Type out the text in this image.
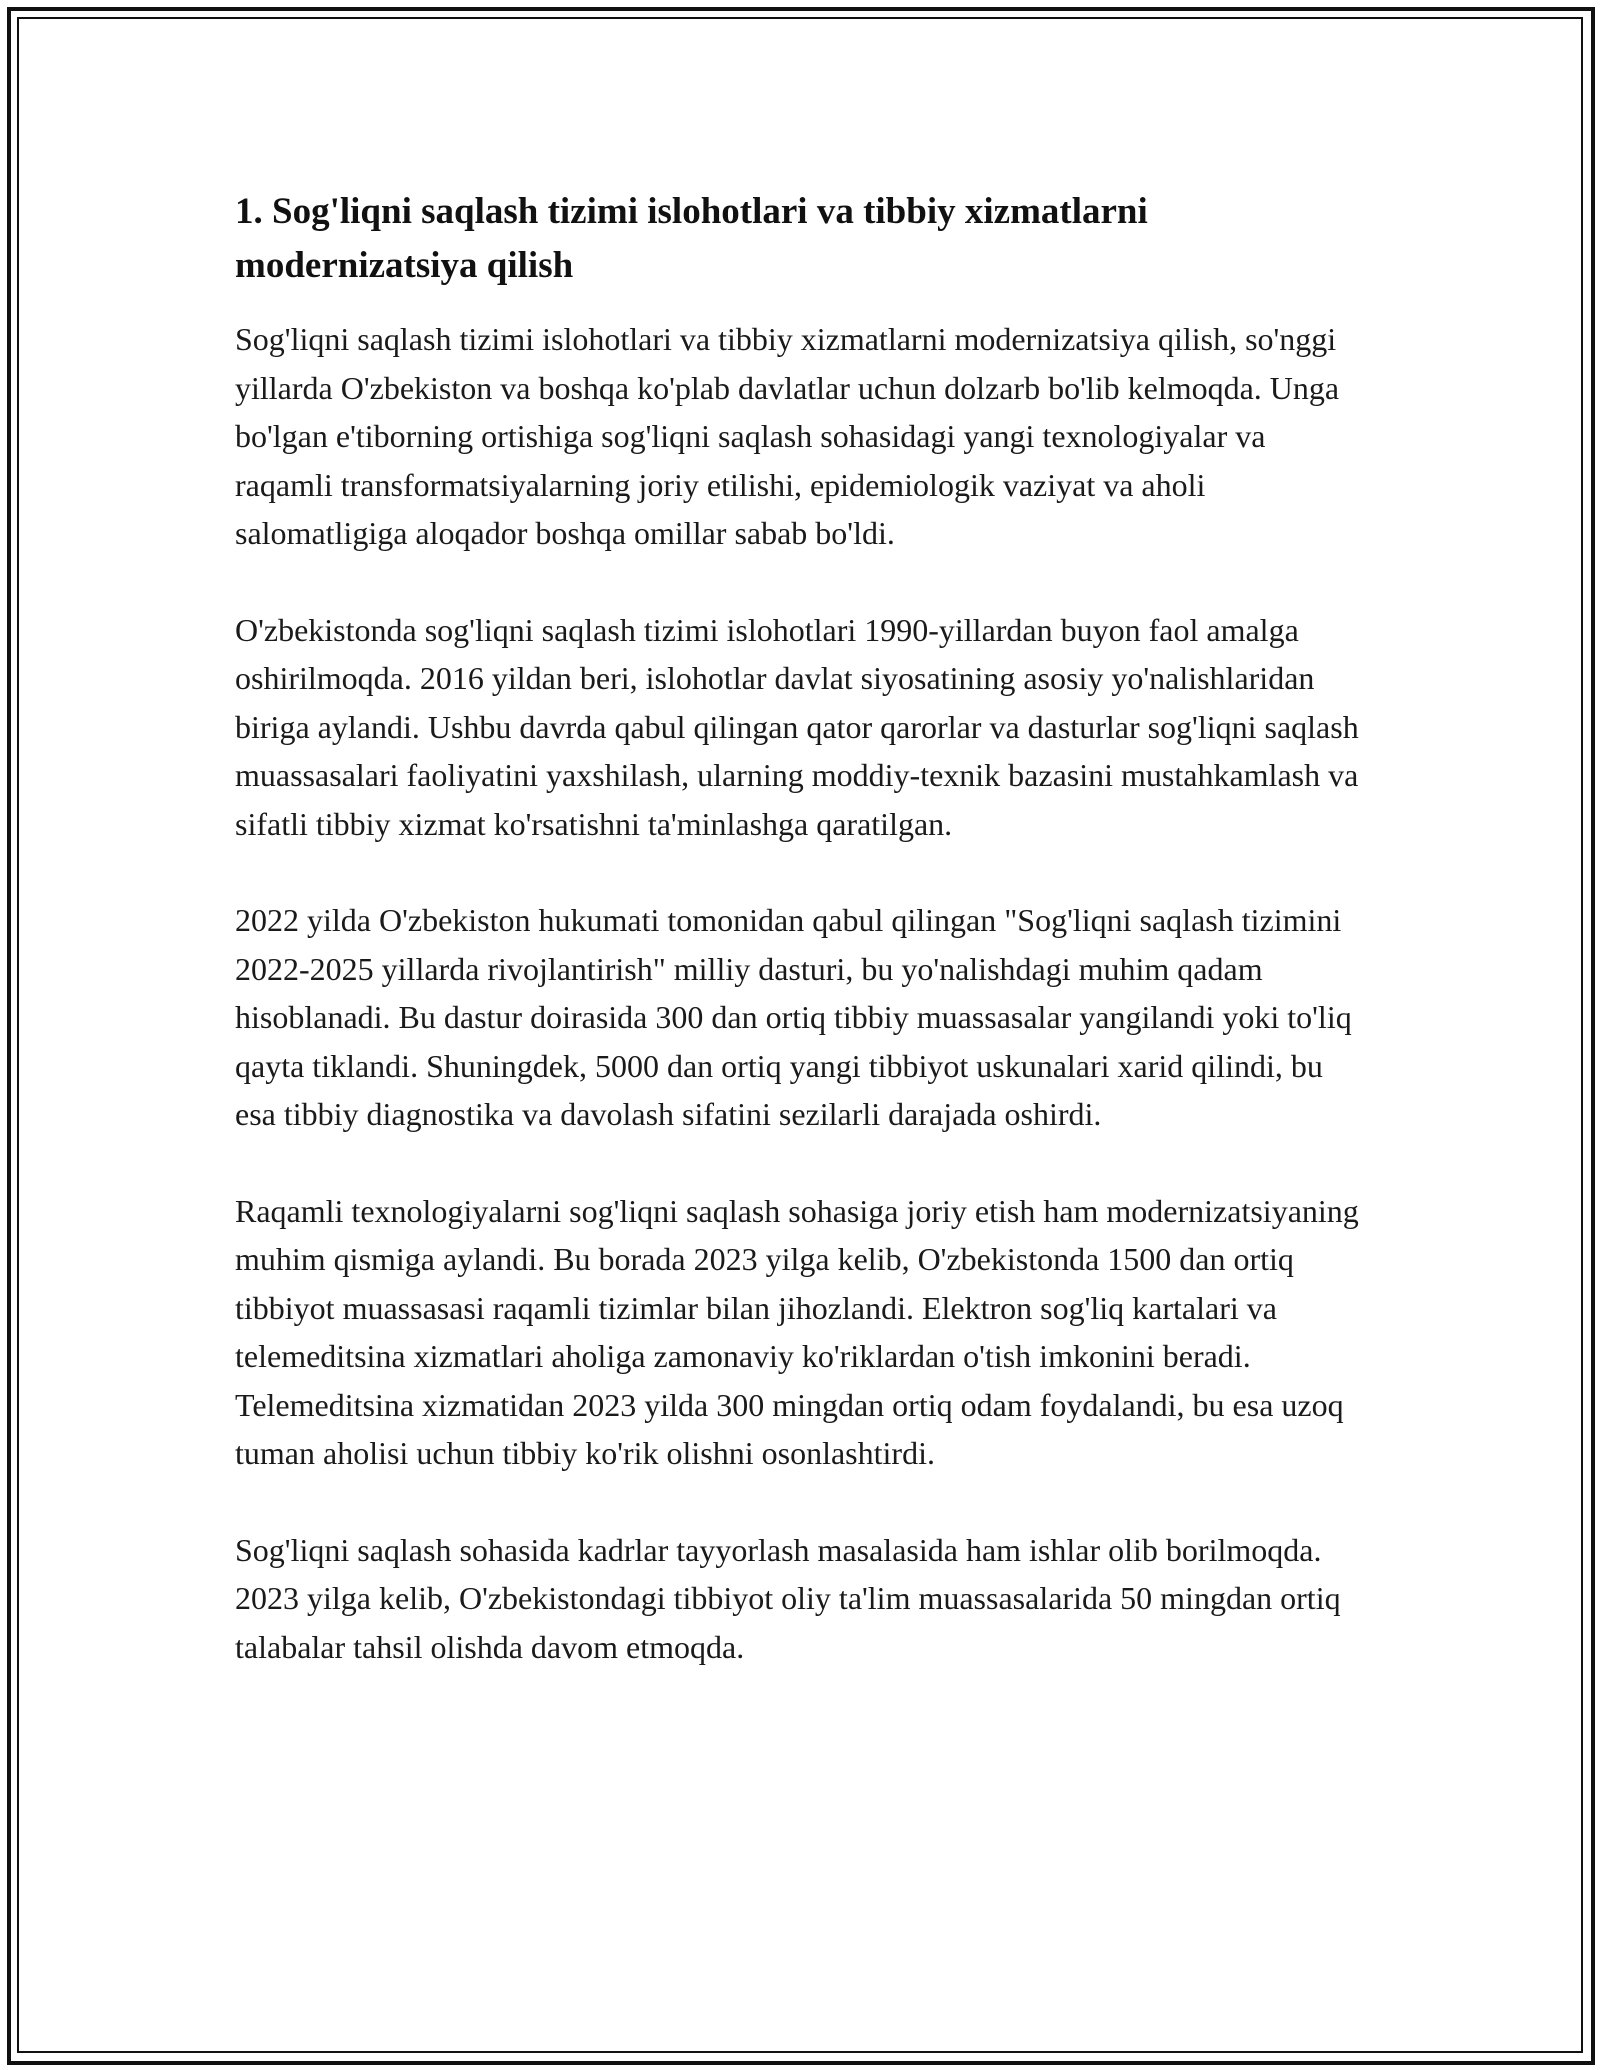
1. Sog'liqni saqlash tizimi islohotlari va tibbiy xizmatlarni modernizatsiya qilish

Sog'liqni saqlash tizimi islohotlari va tibbiy xizmatlarni modernizatsiya qilish, so'nggi yillarda O'zbekiston va boshqa ko'plab davlatlar uchun dolzarb bo'lib kelmoqda. Unga bo'lgan e'tiborning ortishiga sog'liqni saqlash sohasidagi yangi texnologiyalar va raqamli transformatsiyalarning joriy etilishi, epidemiologik vaziyat va aholi salomatligiga aloqador boshqa omillar sabab bo'ldi.

O'zbekistonda sog'liqni saqlash tizimi islohotlari 1990-yillardan buyon faol amalga oshirilmoqda. 2016 yildan beri, islohotlar davlat siyosatining asosiy yo'nalishlaridan biriga aylandi. Ushbu davrda qabul qilingan qator qarorlar va dasturlar sog'liqni saqlash muassasalari faoliyatini yaxshilash, ularning moddiy-texnik bazasini mustahkamlash va sifatli tibbiy xizmat ko'rsatishni ta'minlashga qaratilgan.

2022 yilda O'zbekiston hukumati tomonidan qabul qilingan "Sog'liqni saqlash tizimini 2022-2025 yillarda rivojlantirish" milliy dasturi, bu yo'nalishdagi muhim qadam hisoblanadi. Bu dastur doirasida 300 dan ortiq tibbiy muassasalar yangilandi yoki to'liq qayta tiklandi. Shuningdek, 5000 dan ortiq yangi tibbiyot uskunalari xarid qilindi, bu esa tibbiy diagnostika va davolash sifatini sezilarli darajada oshirdi.

Raqamli texnologiyalarni sog'liqni saqlash sohasiga joriy etish ham modernizatsiyaning muhim qismiga aylandi. Bu borada 2023 yilga kelib, O'zbekistonda 1500 dan ortiq tibbiyot muassasasi raqamli tizimlar bilan jihozlandi. Elektron sog'liq kartalari va telemeditsina xizmatlari aholiga zamonaviy ko'riklardan o'tish imkonini beradi. Telemeditsina xizmatidan 2023 yilda 300 mingdan ortiq odam foydalandi, bu esa uzoq tuman aholisi uchun tibbiy ko'rik olishni osonlashtirdi.

Sog'liqni saqlash sohasida kadrlar tayyorlash masalasida ham ishlar olib borilmoqda. 2023 yilga kelib, O'zbekistondagi tibbiyot oliy ta'lim muassasalarida 50 mingdan ortiq talabalar tahsil olishda davom etmoqda.
